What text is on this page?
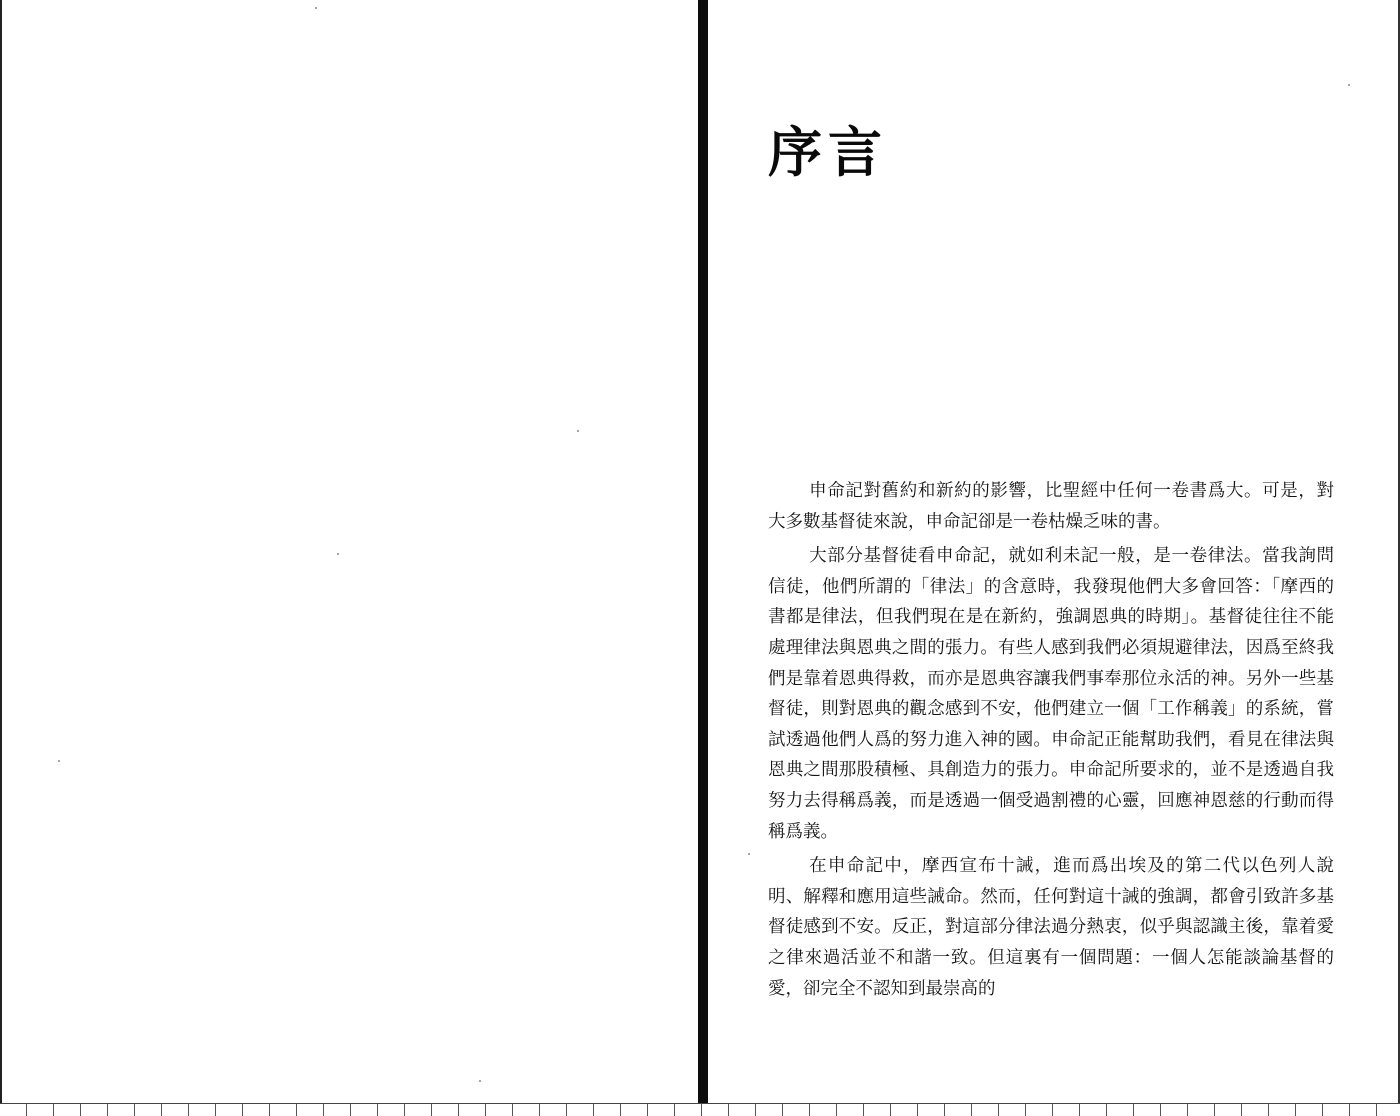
序言

申命記對舊約和新約的影響，比聖經中任何一卷書爲大。可是，對大多數基督徒來說，申命記卻是一卷枯燥乏味的書。

大部分基督徒看申命記，就如利未記一般，是一卷律法。當我詢問信徒，他們所謂的「律法」的含意時，我發現他們大多會回答：「摩西的書都是律法，但我們現在是在新約，強調恩典的時期」。基督徒往往不能處理律法與恩典之間的張力。有些人感到我們必須規避律法，因爲至終我們是靠着恩典得救，而亦是恩典容讓我們事奉那位永活的神。另外一些基督徒，則對恩典的觀念感到不安，他們建立一個「工作稱義」的系統，嘗試透過他們人爲的努力進入神的國。申命記正能幫助我們，看見在律法與恩典之間那股積極、具創造力的張力。申命記所要求的，並不是透過自我努力去得稱爲義，而是透過一個受過割禮的心靈，回應神恩慈的行動而得稱爲義。

在申命記中，摩西宣布十誡，進而爲出埃及的第二代以色列人說明、解釋和應用這些誡命。然而，任何對這十誡的強調，都會引致許多基督徒感到不安。反正，對這部分律法過分熱衷，似乎與認識主後，靠着愛之律來過活並不和諧一致。但這裏有一個問題：一個人怎能談論基督的愛，卻完全不認知到最崇高的
